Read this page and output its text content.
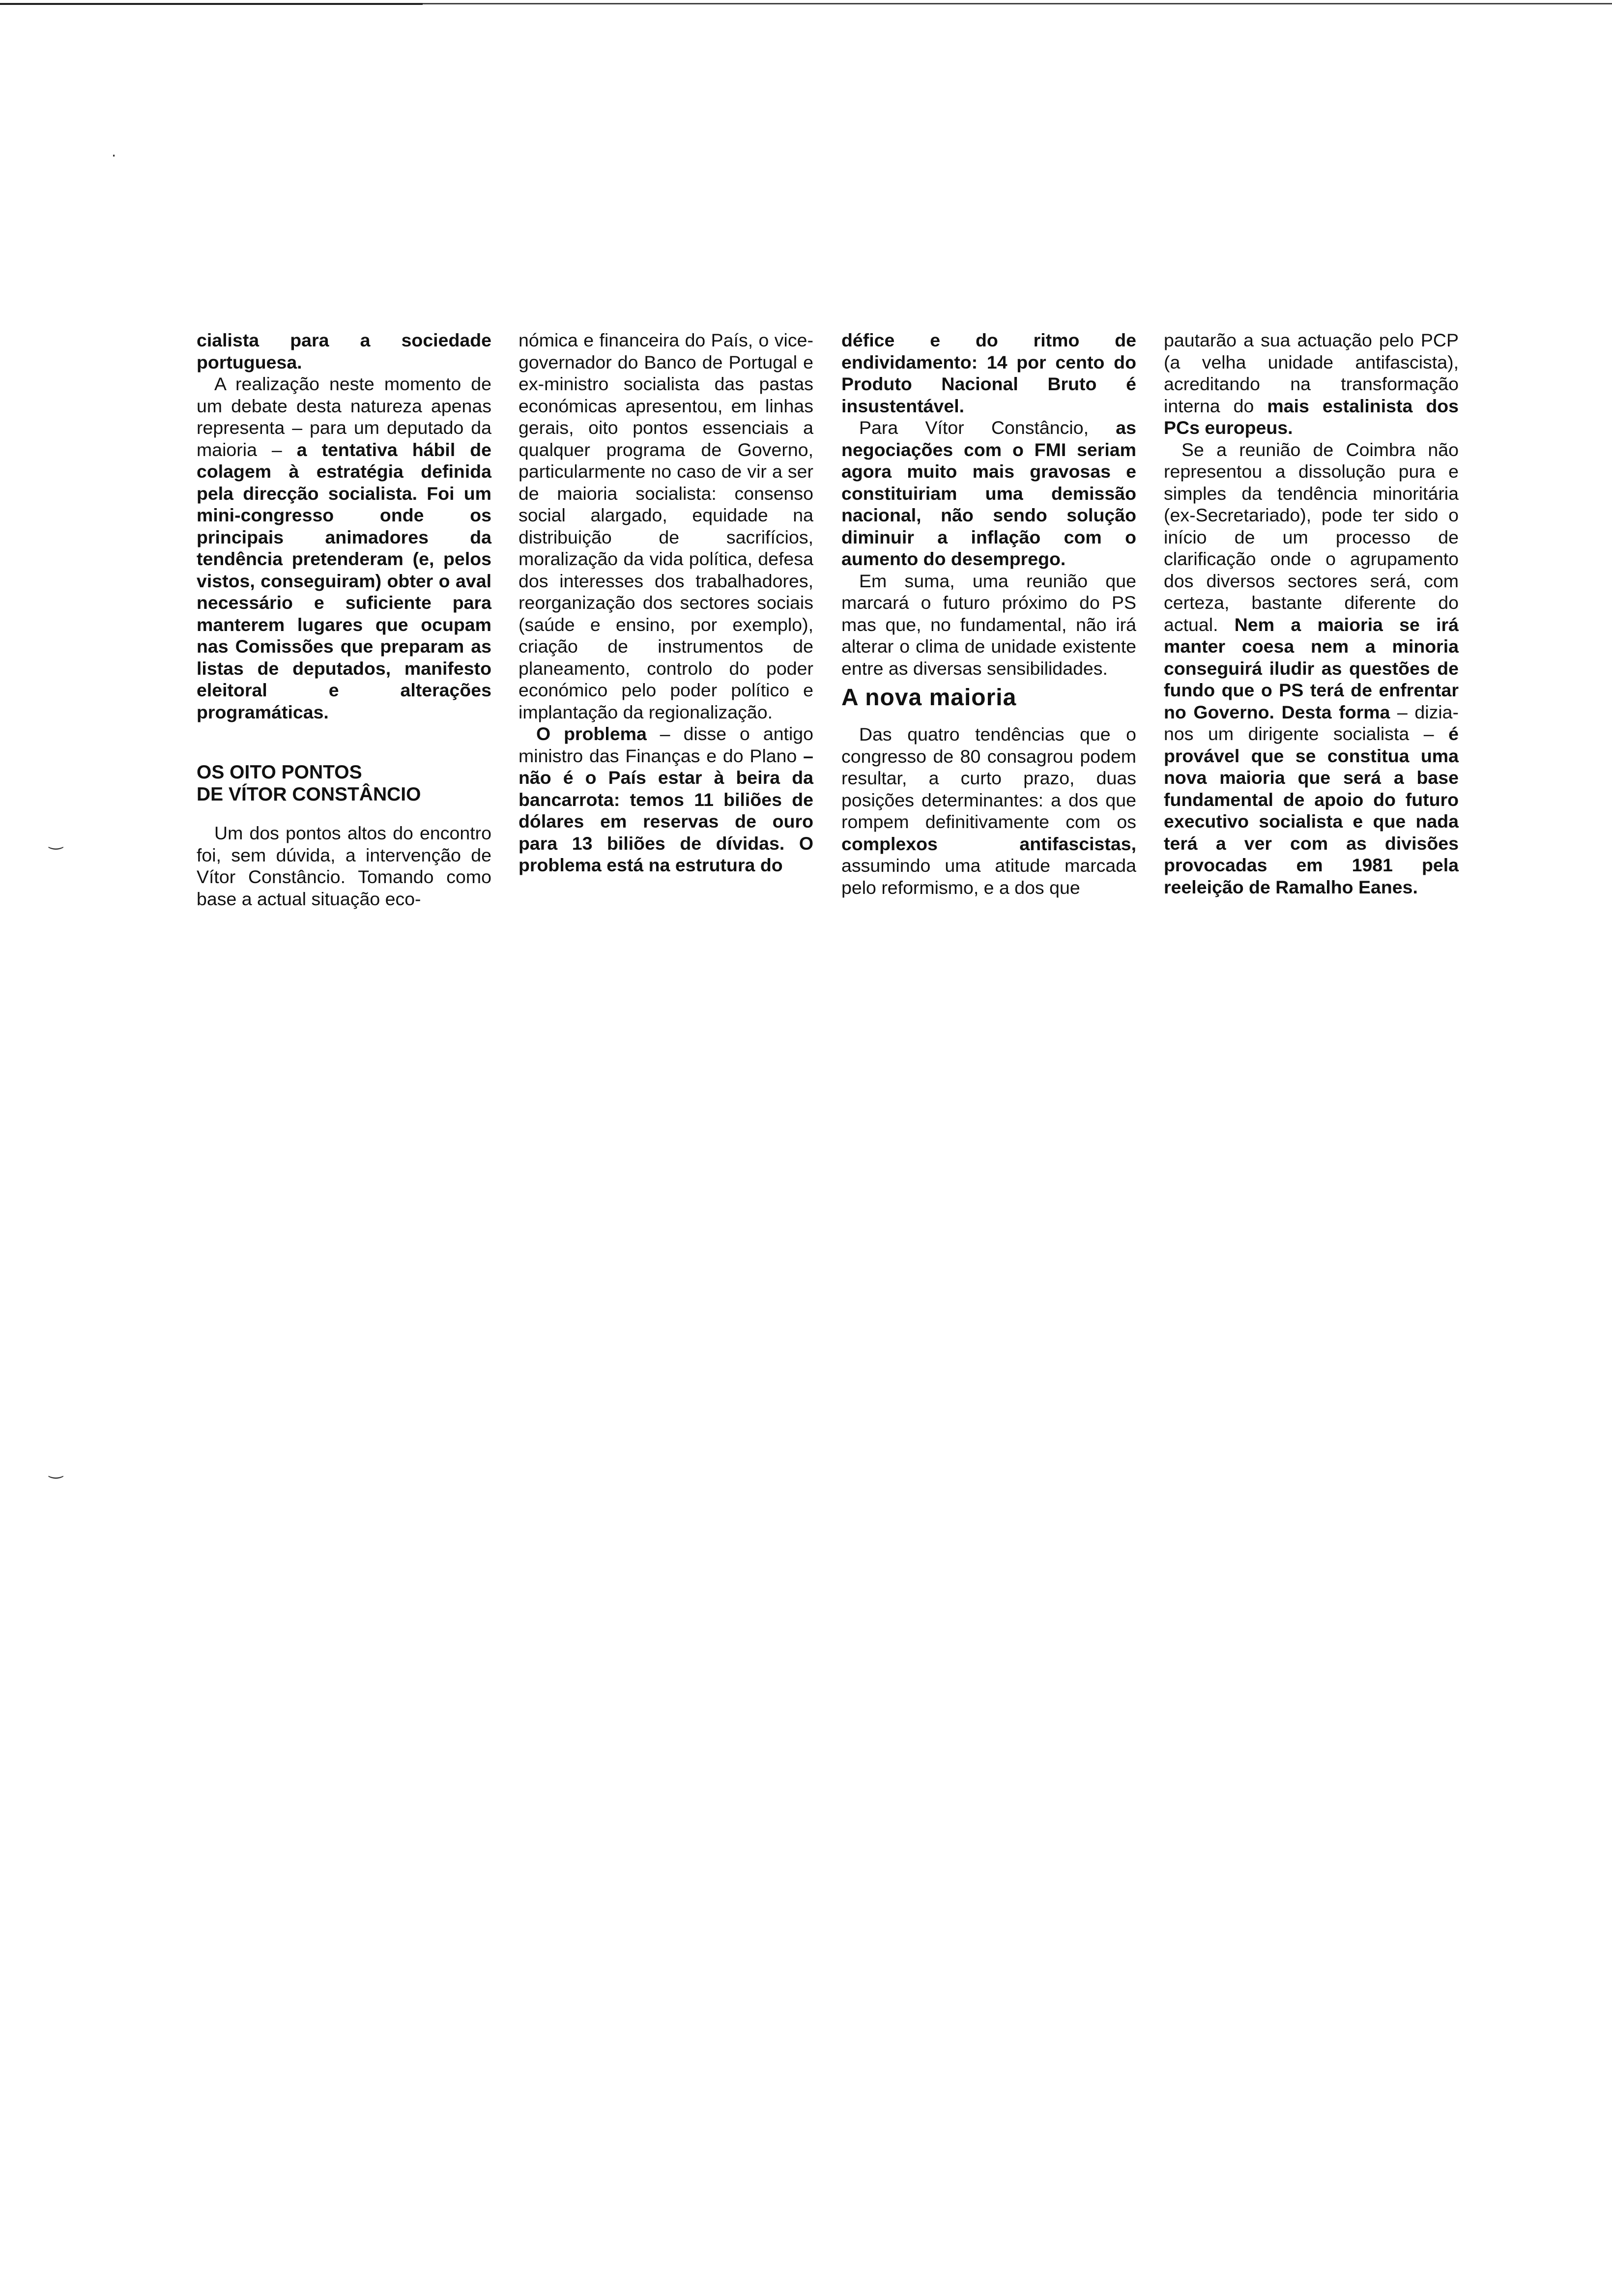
·
‿
‿

cialista para a sociedade portuguesa.

A realização neste momento de um debate desta natureza apenas representa – para um deputado da maioria – a tentativa hábil de colagem à estratégia definida pela direcção socialista. Foi um mini-congresso onde os principais animadores da tendência pretenderam (e, pelos vistos, conseguiram) obter o aval necessário e suficiente para manterem lugares que ocupam nas Comissões que preparam as listas de deputados, manifesto eleitoral e alterações programáticas.

OS OITO PONTOS
DE VÍTOR CONSTÂNCIO

Um dos pontos altos do encontro foi, sem dúvida, a intervenção de Vítor Constâncio. Tomando como base a actual situação eco-

nómica e financeira do País, o vice-governador do Banco de Portugal e ex-ministro socialista das pastas económicas apresentou, em linhas gerais, oito pontos essenciais a qualquer programa de Governo, particularmente no caso de vir a ser de maioria socialista: consenso social alargado, equidade na distribuição de sacrifícios, moralização da vida política, defesa dos interesses dos trabalhadores, reorganização dos sectores sociais (saúde e ensino, por exemplo), criação de instrumentos de planeamento, controlo do poder económico pelo poder político e implantação da regionalização.

O problema – disse o antigo ministro das Finanças e do Plano – não é o País estar à beira da bancarrota: temos 11 biliões de dólares em reservas de ouro para 13 biliões de dívidas. O problema está na estrutura do

défice e do ritmo de endividamento: 14 por cento do Produto Nacional Bruto é insustentável.

Para Vítor Constâncio, as negociações com o FMI seriam agora muito mais gravosas e constituiriam uma demissão nacional, não sendo solução diminuir a inflação com o aumento do desemprego.

Em suma, uma reunião que marcará o futuro próximo do PS mas que, no fundamental, não irá alterar o clima de unidade existente entre as diversas sensibilidades.

A nova maioria

Das quatro tendências que o congresso de 80 consagrou podem resultar, a curto prazo, duas posições determinantes: a dos que rompem definitivamente com os complexos antifascistas, assumindo uma atitude marcada pelo reformismo, e a dos que

pautarão a sua actuação pelo PCP (a velha unidade antifascista), acreditando na transformação interna do mais estalinista dos PCs europeus.

Se a reunião de Coimbra não representou a dissolução pura e simples da tendência minoritária (ex-Secretariado), pode ter sido o início de um processo de clarificação onde o agrupamento dos diversos sectores será, com certeza, bastante diferente do actual. Nem a maioria se irá manter coesa nem a minoria conseguirá iludir as questões de fundo que o PS terá de enfrentar no Governo. Desta forma – dizia-nos um dirigente socialista – é provável que se constitua uma nova maioria que será a base fundamental de apoio do futuro executivo socialista e que nada terá a ver com as divisões provocadas em 1981 pela reeleição de Ramalho Eanes.
